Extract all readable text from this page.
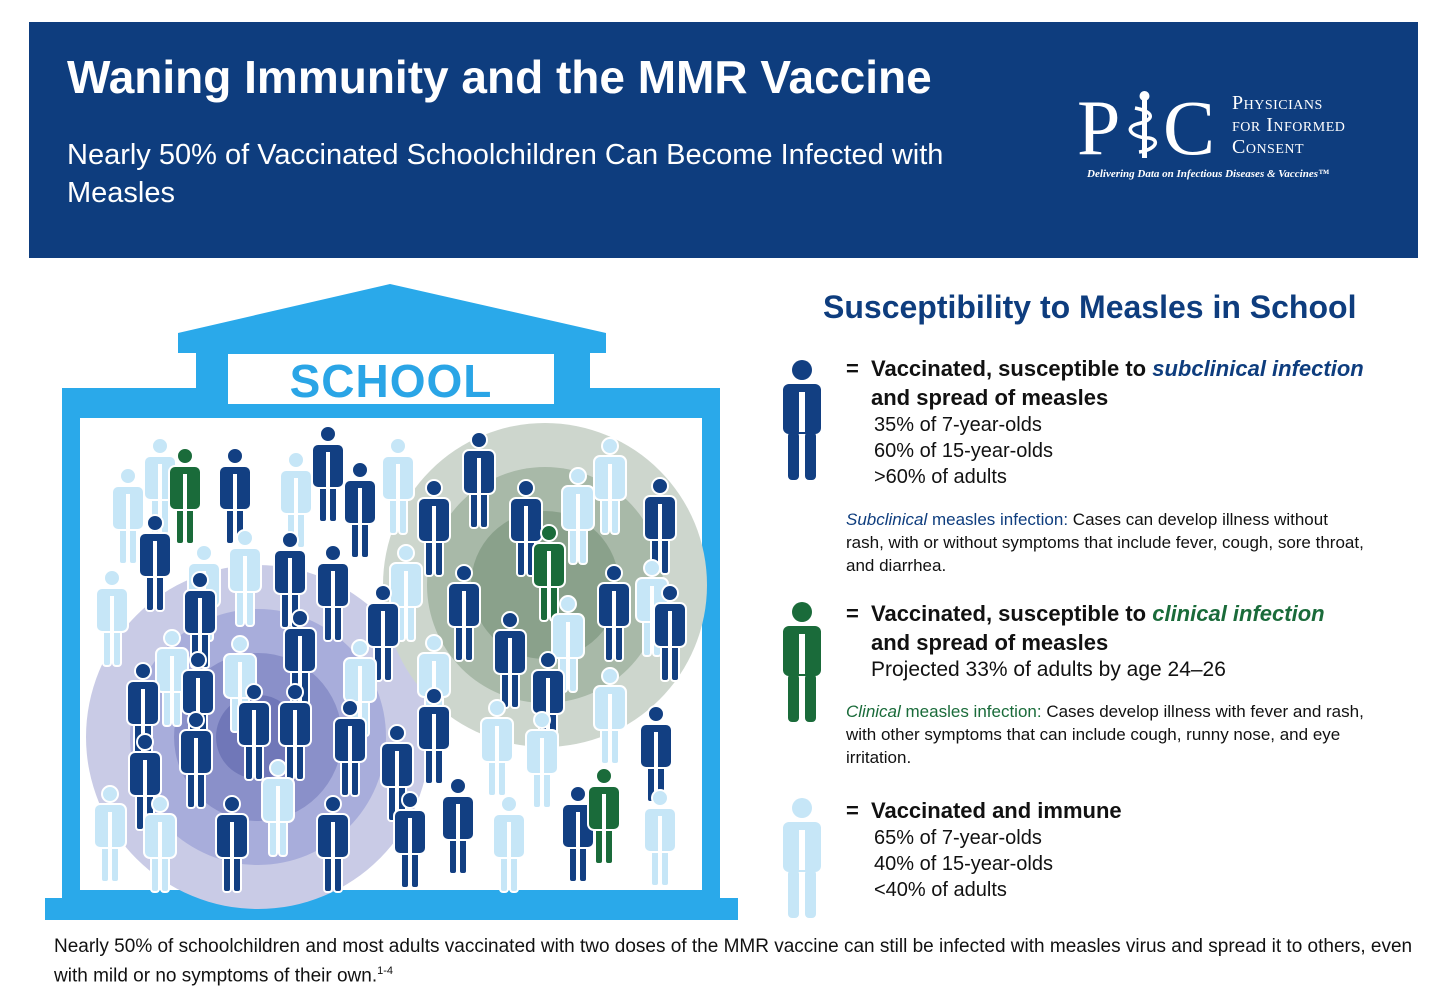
Waning Immunity and the MMR Vaccine
Nearly 50% of Vaccinated Schoolchildren Can Become Infected with Measles
P C Physicians
for Informed
Consent
Delivering Data on Infectious Diseases & Vaccines™
SCHOOL
Susceptibility to Measles in School
= Vaccinated, susceptible to subclinical infection
and spread of measles
35% of 7-year-olds
60% of 15-year-olds
>60% of adults
Subclinical measles infection: Cases can develop illness without rash, with or without symptoms that include fever, cough, sore throat, and diarrhea.
= Vaccinated, susceptible to clinical infection
and spread of measles
Projected 33% of adults by age 24–26
Clinical measles infection: Cases develop illness with fever and rash, with other symptoms that can include cough, runny nose, and eye irritation.
= Vaccinated and immune
65% of 7-year-olds
40% of 15-year-olds
<40% of adults
Nearly 50% of schoolchildren and most adults vaccinated with two doses of the MMR vaccine can still be infected with measles virus and spread it to others, even with mild or no symptoms of their own.$^{1-4}$
